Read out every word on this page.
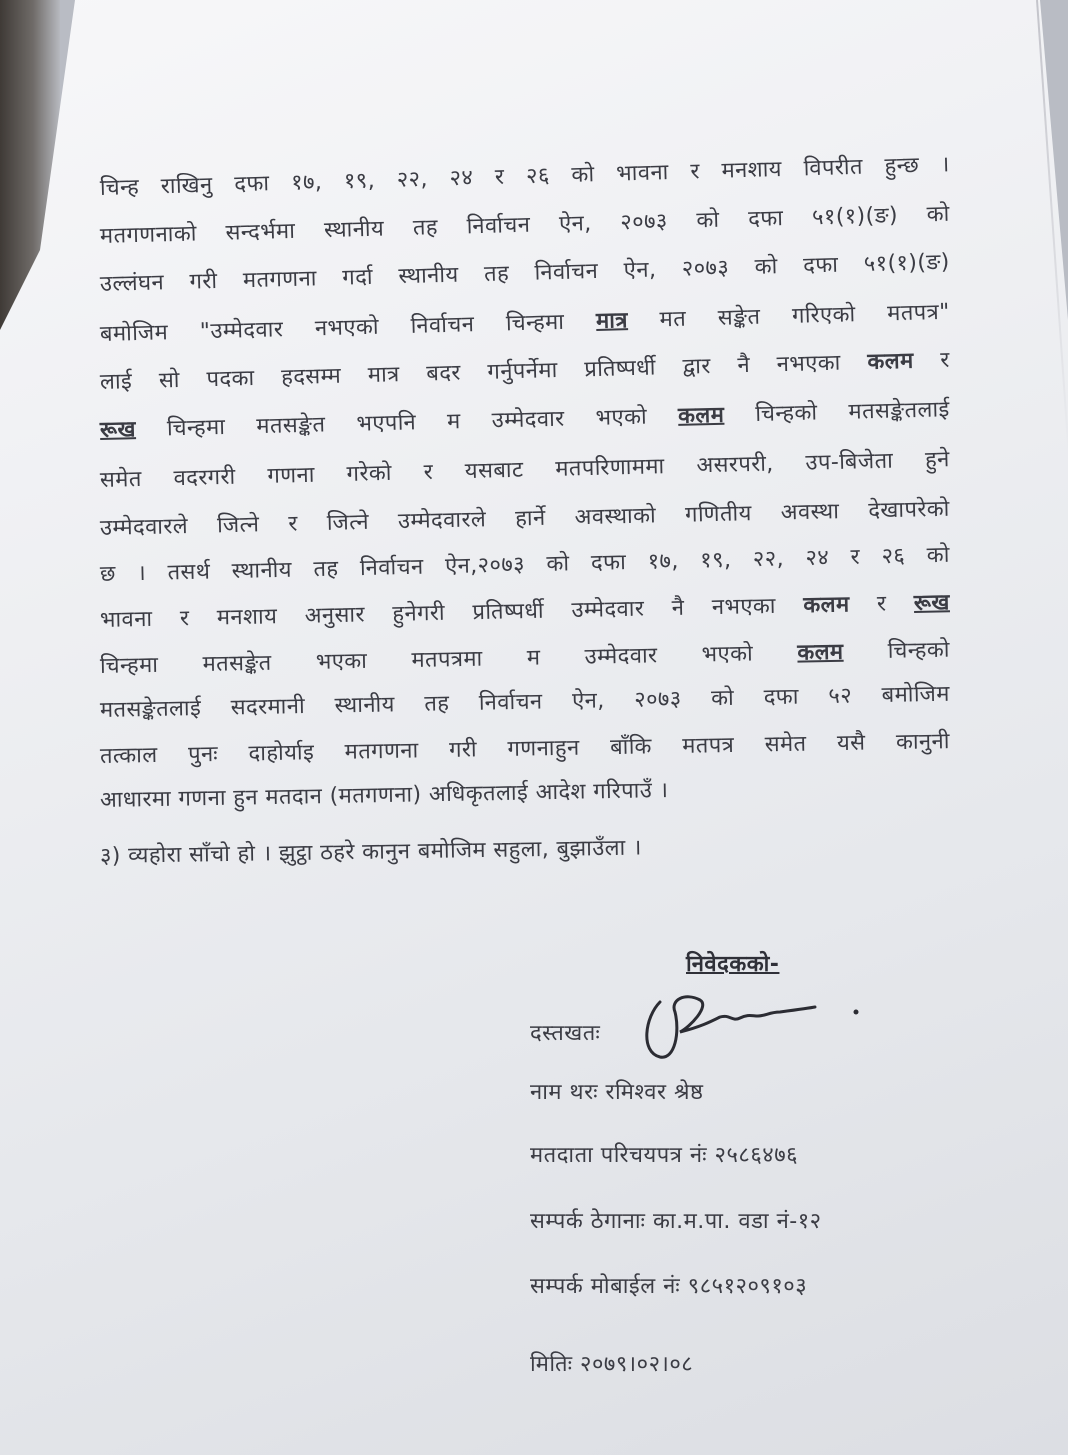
चिन्ह राखिनु दफा १७, १९, २२, २४ र २६ को भावना र मनशाय विपरीत हुन्छ ।
मतगणनाको सन्दर्भमा स्थानीय तह निर्वाचन ऐन, २०७३ को दफा ५१(१)(ङ) को
उल्लंघन गरी मतगणना गर्दा स्थानीय तह निर्वाचन ऐन, २०७३ को दफा ५१(१)(ङ)
बमोजिम "उम्मेदवार नभएको निर्वाचन चिन्हमा मात्र मत सङ्केत गरिएको मतपत्र"
लाई सो पदका हदसम्म मात्र बदर गर्नुपर्नेमा प्रतिष्पर्धी द्वार नै नभएका कलम र
रूख चिन्हमा मतसङ्केत भएपनि म उम्मेदवार भएको कलम चिन्हको मतसङ्केतलाई
समेत वदरगरी गणना गरेको र यसबाट मतपरिणाममा असरपरी, उप-बिजेता हुने
उम्मेदवारले जित्ने र जित्ने उम्मेदवारले हार्ने अवस्थाको गणितीय अवस्था देखापरेको
छ । तसर्थ स्थानीय तह निर्वाचन ऐन,२०७३ को दफा १७, १९, २२, २४ र २६ को
भावना र मनशाय अनुसार हुनेगरी प्रतिष्पर्धी उम्मेदवार नै नभएका कलम र रूख
चिन्हमा मतसङ्केत भएका मतपत्रमा म उम्मेदवार भएको कलम चिन्हको
मतसङ्केतलाई सदरमानी स्थानीय तह निर्वाचन ऐन, २०७३ को दफा ५२ बमोजिम
तत्काल पुनः दाहोर्याइ मतगणना गरी गणनाहुन बाँकि मतपत्र समेत यसै कानुनी
आधारमा गणना हुन मतदान (मतगणना) अधिकृतलाई आदेश गरिपाउँ ।
३) व्यहोरा साँचो हो । झुट्ठा ठहरे कानुन बमोजिम सहुला, बुझाउँला ।
निवेदकको-
दस्तखतः
नाम थरः रमिश्वर श्रेष्ठ
मतदाता परिचयपत्र नंः २५८६४७६
सम्पर्क ठेगानाः का.म.पा. वडा नं-१२
सम्पर्क मोबाईल नंः ९८५१२०९१०३
मितिः २०७९।०२।०८
